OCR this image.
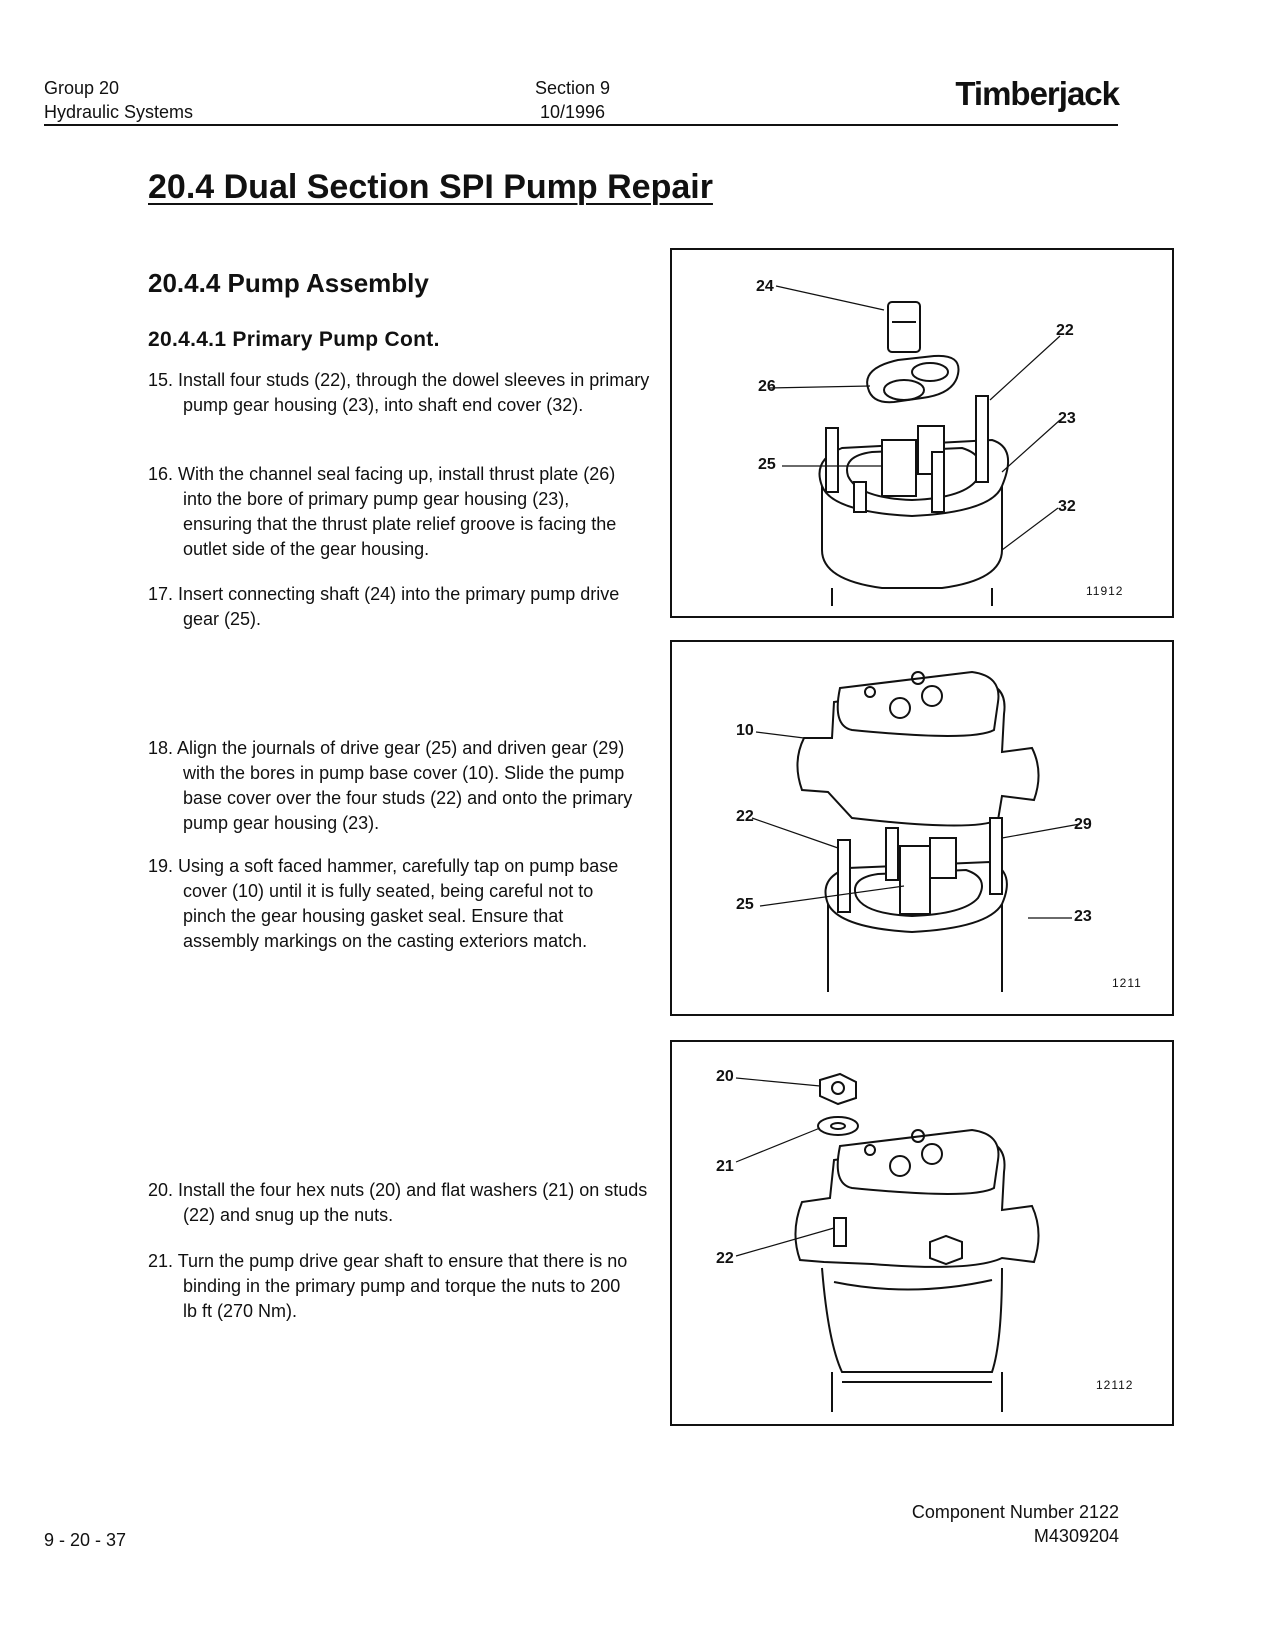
Group 20
Hydraulic Systems
Section 9
10/1996	Timberjack
20.4 Dual Section SPI Pump Repair
20.4.4 Pump Assembly
20.4.4.1 Primary Pump Cont.
15. Install four studs (22), through the dowel sleeves in primary pump gear housing (23), into shaft end cover (32).
16. With the channel seal facing up, install thrust plate (26) into the bore of primary pump gear housing (23), ensuring that the thrust plate relief groove is facing the outlet side of the gear housing.
17. Insert connecting shaft (24) into the primary pump drive gear (25).
18. Align the journals of drive gear (25) and driven gear (29) with the bores in pump base cover (10). Slide the pump base cover over the four studs (22) and onto the primary pump gear housing (23).
19. Using a soft faced hammer, carefully tap on pump base cover (10) until it is fully seated, being careful not to pinch the gear housing gasket seal. Ensure that assembly markings on the casting exteriors match.
20. Install the four hex nuts (20) and flat washers (21) on studs (22) and snug up the nuts.
21. Turn the pump drive gear shaft to ensure that there is no binding in the primary pump and torque the nuts to 200 lb ft (270 Nm).
24
22
26
23
25
32
11912
10
22	29
25
23
1211
20
21
22
12112
9 - 20 - 37
Component Number 2122
M4309204
